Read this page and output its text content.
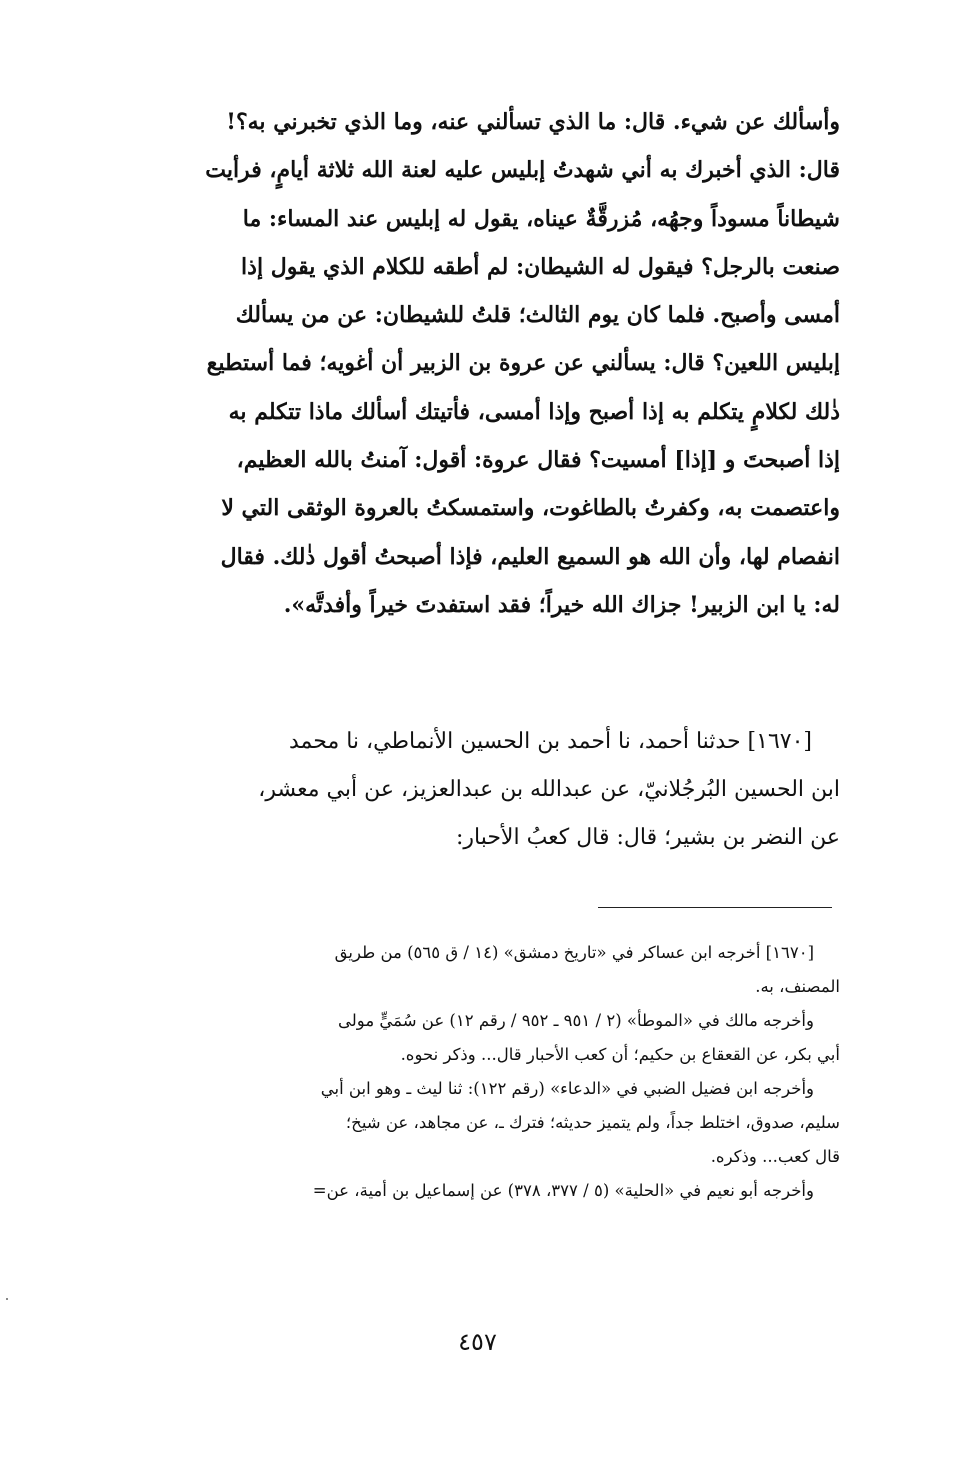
وأسألك عن شيء. قال: ما الذي تسألني عنه، وما الذي تخبرني به؟!
قال: الذي أخبرك به أني شهدتُ إبليس عليه لعنة الله ثلاثة أيامٍ، فرأيت
شيطاناً مسوداً وجهُه، مُزرقَّةٌ عيناه، يقول له إبليس عند المساء: ما
صنعت بالرجل؟ فيقول له الشيطان: لم أطقه للكلام الذي يقول إذا
أمسى وأصبح. فلما كان يوم الثالث؛ قلتُ للشيطان: عن من يسألك
إبليس اللعين؟ قال: يسألني عن عروة بن الزبير أن أغويه؛ فما أستطيع
ذٰلك لكلامٍ يتكلم به إذا أصبح وإذا أمسى، فأتيتك أسألك ماذا تتكلم به
إذا أصبحتَ و [إذا] أمسيت؟ فقال عروة: أقول: آمنتُ بالله العظيم،
واعتصمت به، وكفرتُ بالطاغوت، واستمسكتُ بالعروة الوثقى التي لا
انفصام لها، وأن الله هو السميع العليم، فإذا أصبحتُ أقول ذٰلك. فقال
له: يا ابن الزبير! جزاك الله خيراً؛ فقد استفدتَ خيراً وأفدتَّه».
[١٦٧٠] حدثنا أحمد، نا أحمد بن الحسين الأنماطي، نا محمد
ابن الحسين البُرجُلانيّ، عن عبدالله بن عبدالعزيز، عن أبي معشر،
عن النضر بن بشير؛ قال: قال كعبُ الأحبار:
[١٦٧٠] أخرجه ابن عساكر في «تاريخ دمشق» (١٤ / ق ٥٦٥) من طريق
المصنف، به.
وأخرجه مالك في «الموطأ» (٢ / ٩٥١ ـ ٩٥٢ / رقم ١٢) عن سُمَيٍّ مولى
أبي بكر، عن القعقاع بن حكيم؛ أن كعب الأحبار قال... وذكر نحوه.
وأخرجه ابن فضيل الضبي في «الدعاء» (رقم ١٢٢): ثنا ليث ـ وهو ابن أبي
سليم، صدوق، اختلط جداً، ولم يتميز حديثه؛ فترك ـ، عن مجاهد، عن شيخ؛
قال كعب... وذكره.
وأخرجه أبو نعيم في «الحلية» (٥ / ٣٧٧، ٣٧٨) عن إسماعيل بن أمية، عن=
٤٥٧
